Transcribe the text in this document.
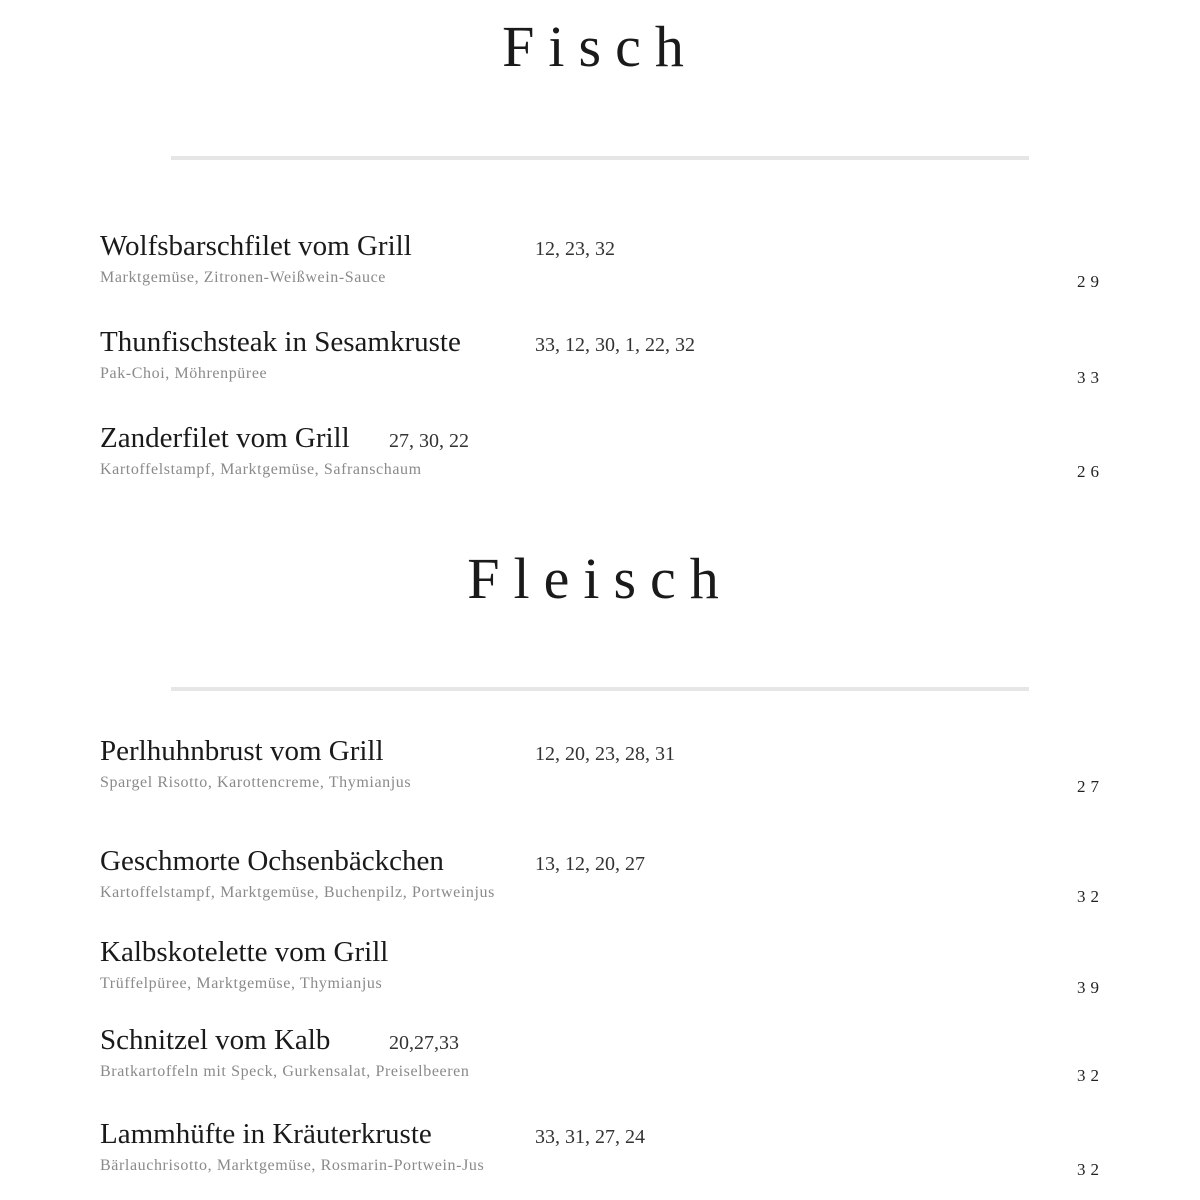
Fisch
Wolfsbarschfilet vom Grill	12, 23, 32
Marktgemüse, Zitronen-Weißwein-Sauce	29
Thunfischsteak in Sesamkruste	33, 12, 30, 1, 22, 32
Pak-Choi, Möhrenpüree	33
Zanderfilet vom Grill 27, 30, 22
Kartoffelstampf, Marktgemüse, Safranschaum	26
Fleisch
Perlhuhnbrust vom Grill	12, 20, 23, 28, 31
Spargel Risotto, Karottencreme, Thymianjus	27
Geschmorte Ochsenbäckchen	13, 12, 20, 27
Kartoffelstampf, Marktgemüse, Buchenpilz, Portweinjus	32
Kalbskotelette vom Grill
Trüffelpüree, Marktgemüse, Thymianjus	39
Schnitzel vom Kalb	20,27,33
Bratkartoffeln mit Speck, Gurkensalat, Preiselbeeren	32
Lammhüfte in Kräuterkruste	33, 31, 27, 24
Bärlauchrisotto, Marktgemüse, Rosmarin-Portwein-Jus	32
